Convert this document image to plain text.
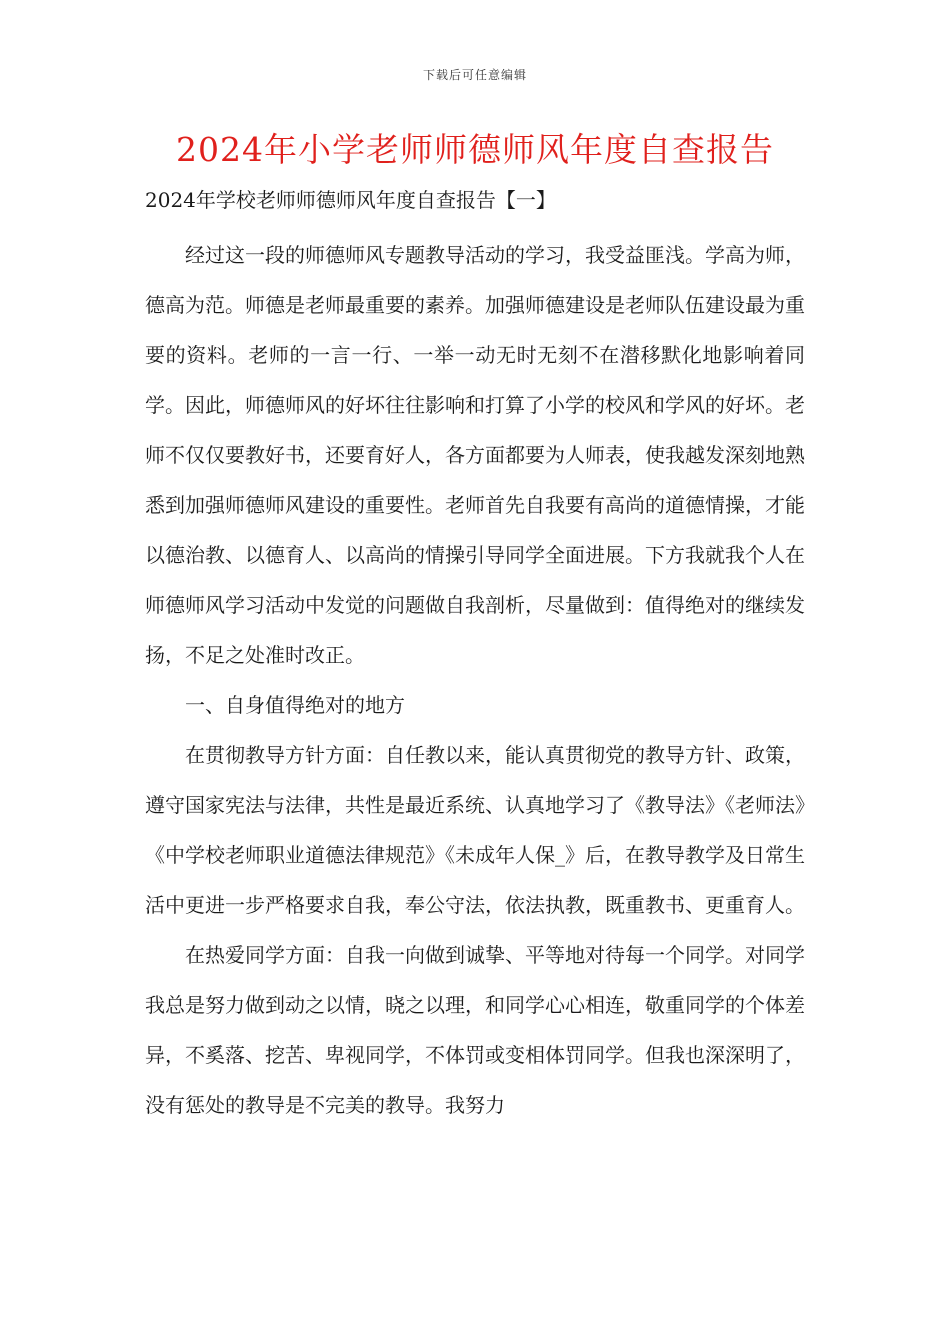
下载后可任意编辑
2024年小学老师师德师风年度自查报告
2024年学校老师师德师风年度自查报告【一】

经过这一段的师德师风专题教导活动的学习，我受益匪浅。学高为师，德高为范。师德是老师最重要的素养。加强师德建设是老师队伍建设最为重要的资料。老师的一言一行、一举一动无时无刻不在潜移默化地影响着同学。因此，师德师风的好坏往往影响和打算了小学的校风和学风的好坏。老师不仅仅要教好书，还要育好人，各方面都要为人师表，使我越发深刻地熟悉到加强师德师风建设的重要性。老师首先自我要有高尚的道德情操，才能以德治教、以德育人、以高尚的情操引导同学全面进展。下方我就我个人在师德师风学习活动中发觉的问题做自我剖析，尽量做到：值得绝对的继续发扬，不足之处准时改正。

一、自身值得绝对的地方

在贯彻教导方针方面：自任教以来，能认真贯彻党的教导方针、政策，遵守国家宪法与法律，共性是最近系统、认真地学习了《教导法》《老师法》《中学校老师职业道德法律规范》《未成年人保_》后，在教导教学及日常生活中更进一步严格要求自我，奉公守法，依法执教，既重教书、更重育人。

在热爱同学方面：自我一向做到诚挚、平等地对待每一个同学。对同学我总是努力做到动之以情，晓之以理，和同学心心相连，敬重同学的个体差异，不奚落、挖苦、卑视同学，不体罚或变相体罚同学。但我也深深明了，没有惩处的教导是不完美的教导。我努力
